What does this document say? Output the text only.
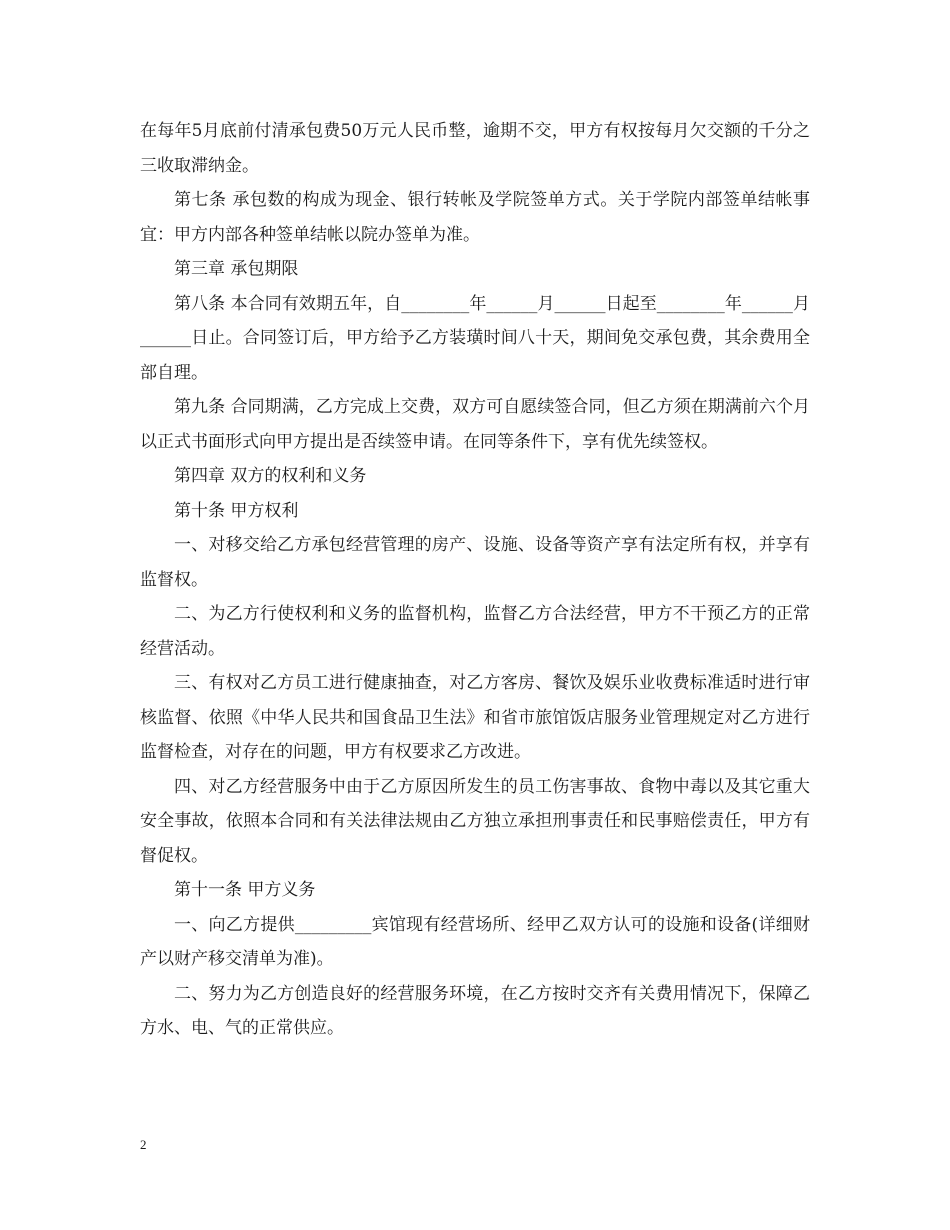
在每年5月底前付清承包费50万元人民币整，逾期不交，甲方有权按每月欠交额的千分之三收取滞纳金。

第七条 承包数的构成为现金、银行转帐及学院签单方式。关于学院内部签单结帐事宜：甲方内部各种签单结帐以院办签单为准。

第三章 承包期限

第八条 本合同有效期五年，自________年______月______日起至________年______月______日止。合同签订后，甲方给予乙方装璜时间八十天，期间免交承包费，其余费用全部自理。

第九条 合同期满，乙方完成上交费，双方可自愿续签合同，但乙方须在期满前六个月以正式书面形式向甲方提出是否续签申请。在同等条件下，享有优先续签权。

第四章 双方的权利和义务

第十条 甲方权利

一、对移交给乙方承包经营管理的房产、设施、设备等资产享有法定所有权，并享有监督权。

二、为乙方行使权利和义务的监督机构，监督乙方合法经营，甲方不干预乙方的正常经营活动。

三、有权对乙方员工进行健康抽查，对乙方客房、餐饮及娱乐业收费标准适时进行审核监督、依照《中华人民共和国食品卫生法》和省市旅馆饭店服务业管理规定对乙方进行监督检查，对存在的问题，甲方有权要求乙方改进。

四、对乙方经营服务中由于乙方原因所发生的员工伤害事故、食物中毒以及其它重大安全事故，依照本合同和有关法律法规由乙方独立承担刑事责任和民事赔偿责任，甲方有督促权。

第十一条 甲方义务

一、向乙方提供_________宾馆现有经营场所、经甲乙双方认可的设施和设备(详细财产以财产移交清单为准)。

二、努力为乙方创造良好的经营服务环境，在乙方按时交齐有关费用情况下，保障乙方水、电、气的正常供应。

2
